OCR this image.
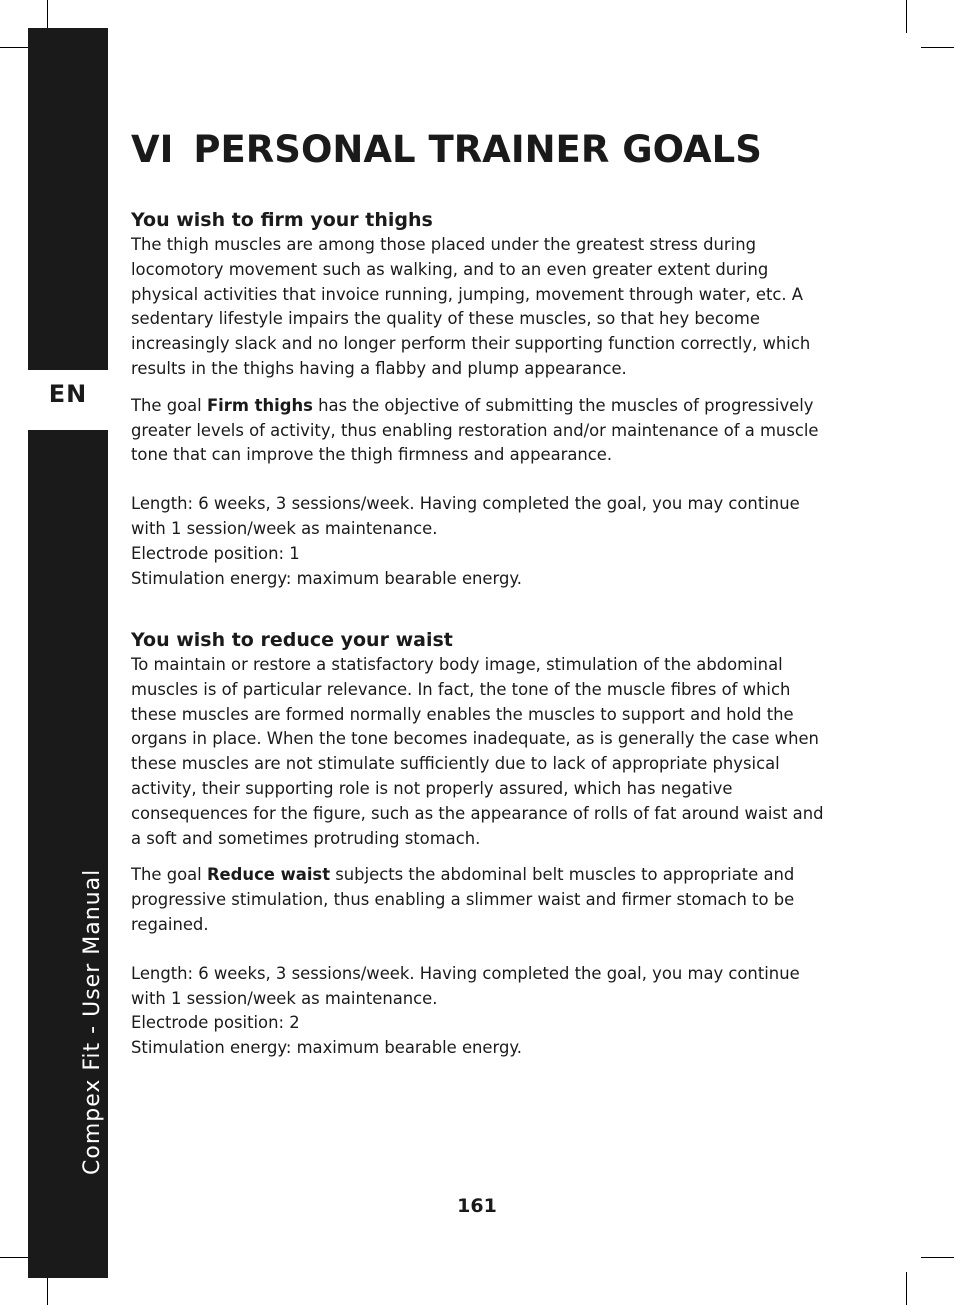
EN
Compex Fit - User Manual
VI PERSONAL TRAINER GOALS
You wish to firm your thighs

The thigh muscles are among those placed under the greatest stress during locomotory movement such as walking, and to an even greater extent during physical activities that invoice running, jumping, movement through water, etc. A sedentary lifestyle impairs the quality of these muscles, so that hey become increasingly slack and no longer perform their supporting function correctly, which results in the thighs having a flabby and plump appearance.

The goal Firm thighs has the objective of submitting the muscles of progressively greater levels of activity, thus enabling restoration and/or maintenance of a muscle tone that can improve the thigh firmness and appearance.

Length: 6 weeks, 3 sessions/week. Having completed the goal, you may continue with 1 session/week as maintenance.

Electrode position: 1

Stimulation energy: maximum bearable energy.

You wish to reduce your waist

To maintain or restore a statisfactory body image, stimulation of the abdominal muscles is of particular relevance. In fact, the tone of the muscle fibres of which these muscles are formed normally enables the muscles to support and hold the organs in place. When the tone becomes inadequate, as is generally the case when these muscles are not stimulate sufficiently due to lack of appropriate physical activity, their supporting role is not properly assured, which has negative consequences for the figure, such as the appearance of rolls of fat around waist and a soft and sometimes protruding stomach.

The goal Reduce waist subjects the abdominal belt muscles to appropriate and progressive stimulation, thus enabling a slimmer waist and firmer stomach to be regained.

Length: 6 weeks, 3 sessions/week. Having completed the goal, you may continue with 1 session/week as maintenance.

Electrode position: 2

Stimulation energy: maximum bearable energy.

161
